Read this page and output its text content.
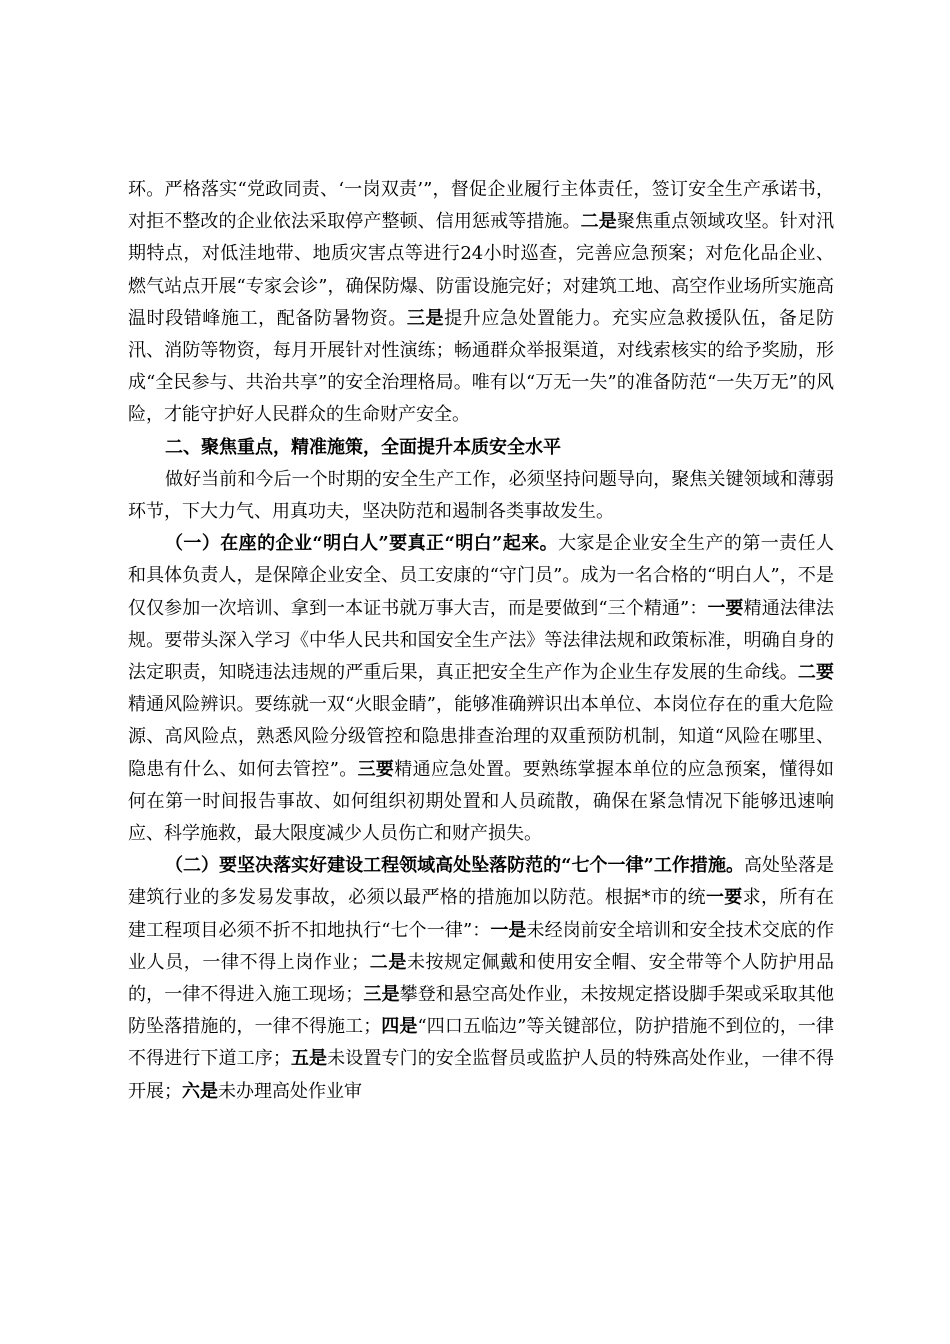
环。严格落实“党政同责、‘一岗双责’”，督促企业履行主体责任，签订安全生产承诺书，对拒不整改的企业依法采取停产整顿、信用惩戒等措施。二是聚焦重点领域攻坚。针对汛期特点，对低洼地带、地质灾害点等进行24小时巡查，完善应急预案；对危化品企业、燃气站点开展“专家会诊”，确保防爆、防雷设施完好；对建筑工地、高空作业场所实施高温时段错峰施工，配备防暑物资。三是提升应急处置能力。充实应急救援队伍，备足防汛、消防等物资，每月开展针对性演练；畅通群众举报渠道，对线索核实的给予奖励，形成“全民参与、共治共享”的安全治理格局。唯有以“万无一失”的准备防范“一失万无”的风险，才能守护好人民群众的生命财产安全。

二、聚焦重点，精准施策，全面提升本质安全水平

做好当前和今后一个时期的安全生产工作，必须坚持问题导向，聚焦关键领域和薄弱环节，下大力气、用真功夫，坚决防范和遏制各类事故发生。

（一）在座的企业“明白人”要真正“明白”起来。大家是企业安全生产的第一责任人和具体负责人，是保障企业安全、员工安康的“守门员”。成为一名合格的“明白人”，不是仅仅参加一次培训、拿到一本证书就万事大吉，而是要做到“三个精通”：一要精通法律法规。要带头深入学习《中华人民共和国安全生产法》等法律法规和政策标准，明确自身的法定职责，知晓违法违规的严重后果，真正把安全生产作为企业生存发展的生命线。二要精通风险辨识。要练就一双“火眼金睛”，能够准确辨识出本单位、本岗位存在的重大危险源、高风险点，熟悉风险分级管控和隐患排查治理的双重预防机制，知道“风险在哪里、隐患有什么、如何去管控”。三要精通应急处置。要熟练掌握本单位的应急预案，懂得如何在第一时间报告事故、如何组织初期处置和人员疏散，确保在紧急情况下能够迅速响应、科学施救，最大限度减少人员伤亡和财产损失。

（二）要坚决落实好建设工程领域高处坠落防范的“七个一律”工作措施。高处坠落是建筑行业的多发易发事故，必须以最严格的措施加以防范。根据*市的统一要求，所有在建工程项目必须不折不扣地执行“七个一律”：一是未经岗前安全培训和安全技术交底的作业人员，一律不得上岗作业；二是未按规定佩戴和使用安全帽、安全带等个人防护用品的，一律不得进入施工现场；三是攀登和悬空高处作业，未按规定搭设脚手架或采取其他防坠落措施的，一律不得施工；四是“四口五临边”等关键部位，防护措施不到位的，一律不得进行下道工序；五是未设置专门的安全监督员或监护人员的特殊高处作业，一律不得开展；六是未办理高处作业审
